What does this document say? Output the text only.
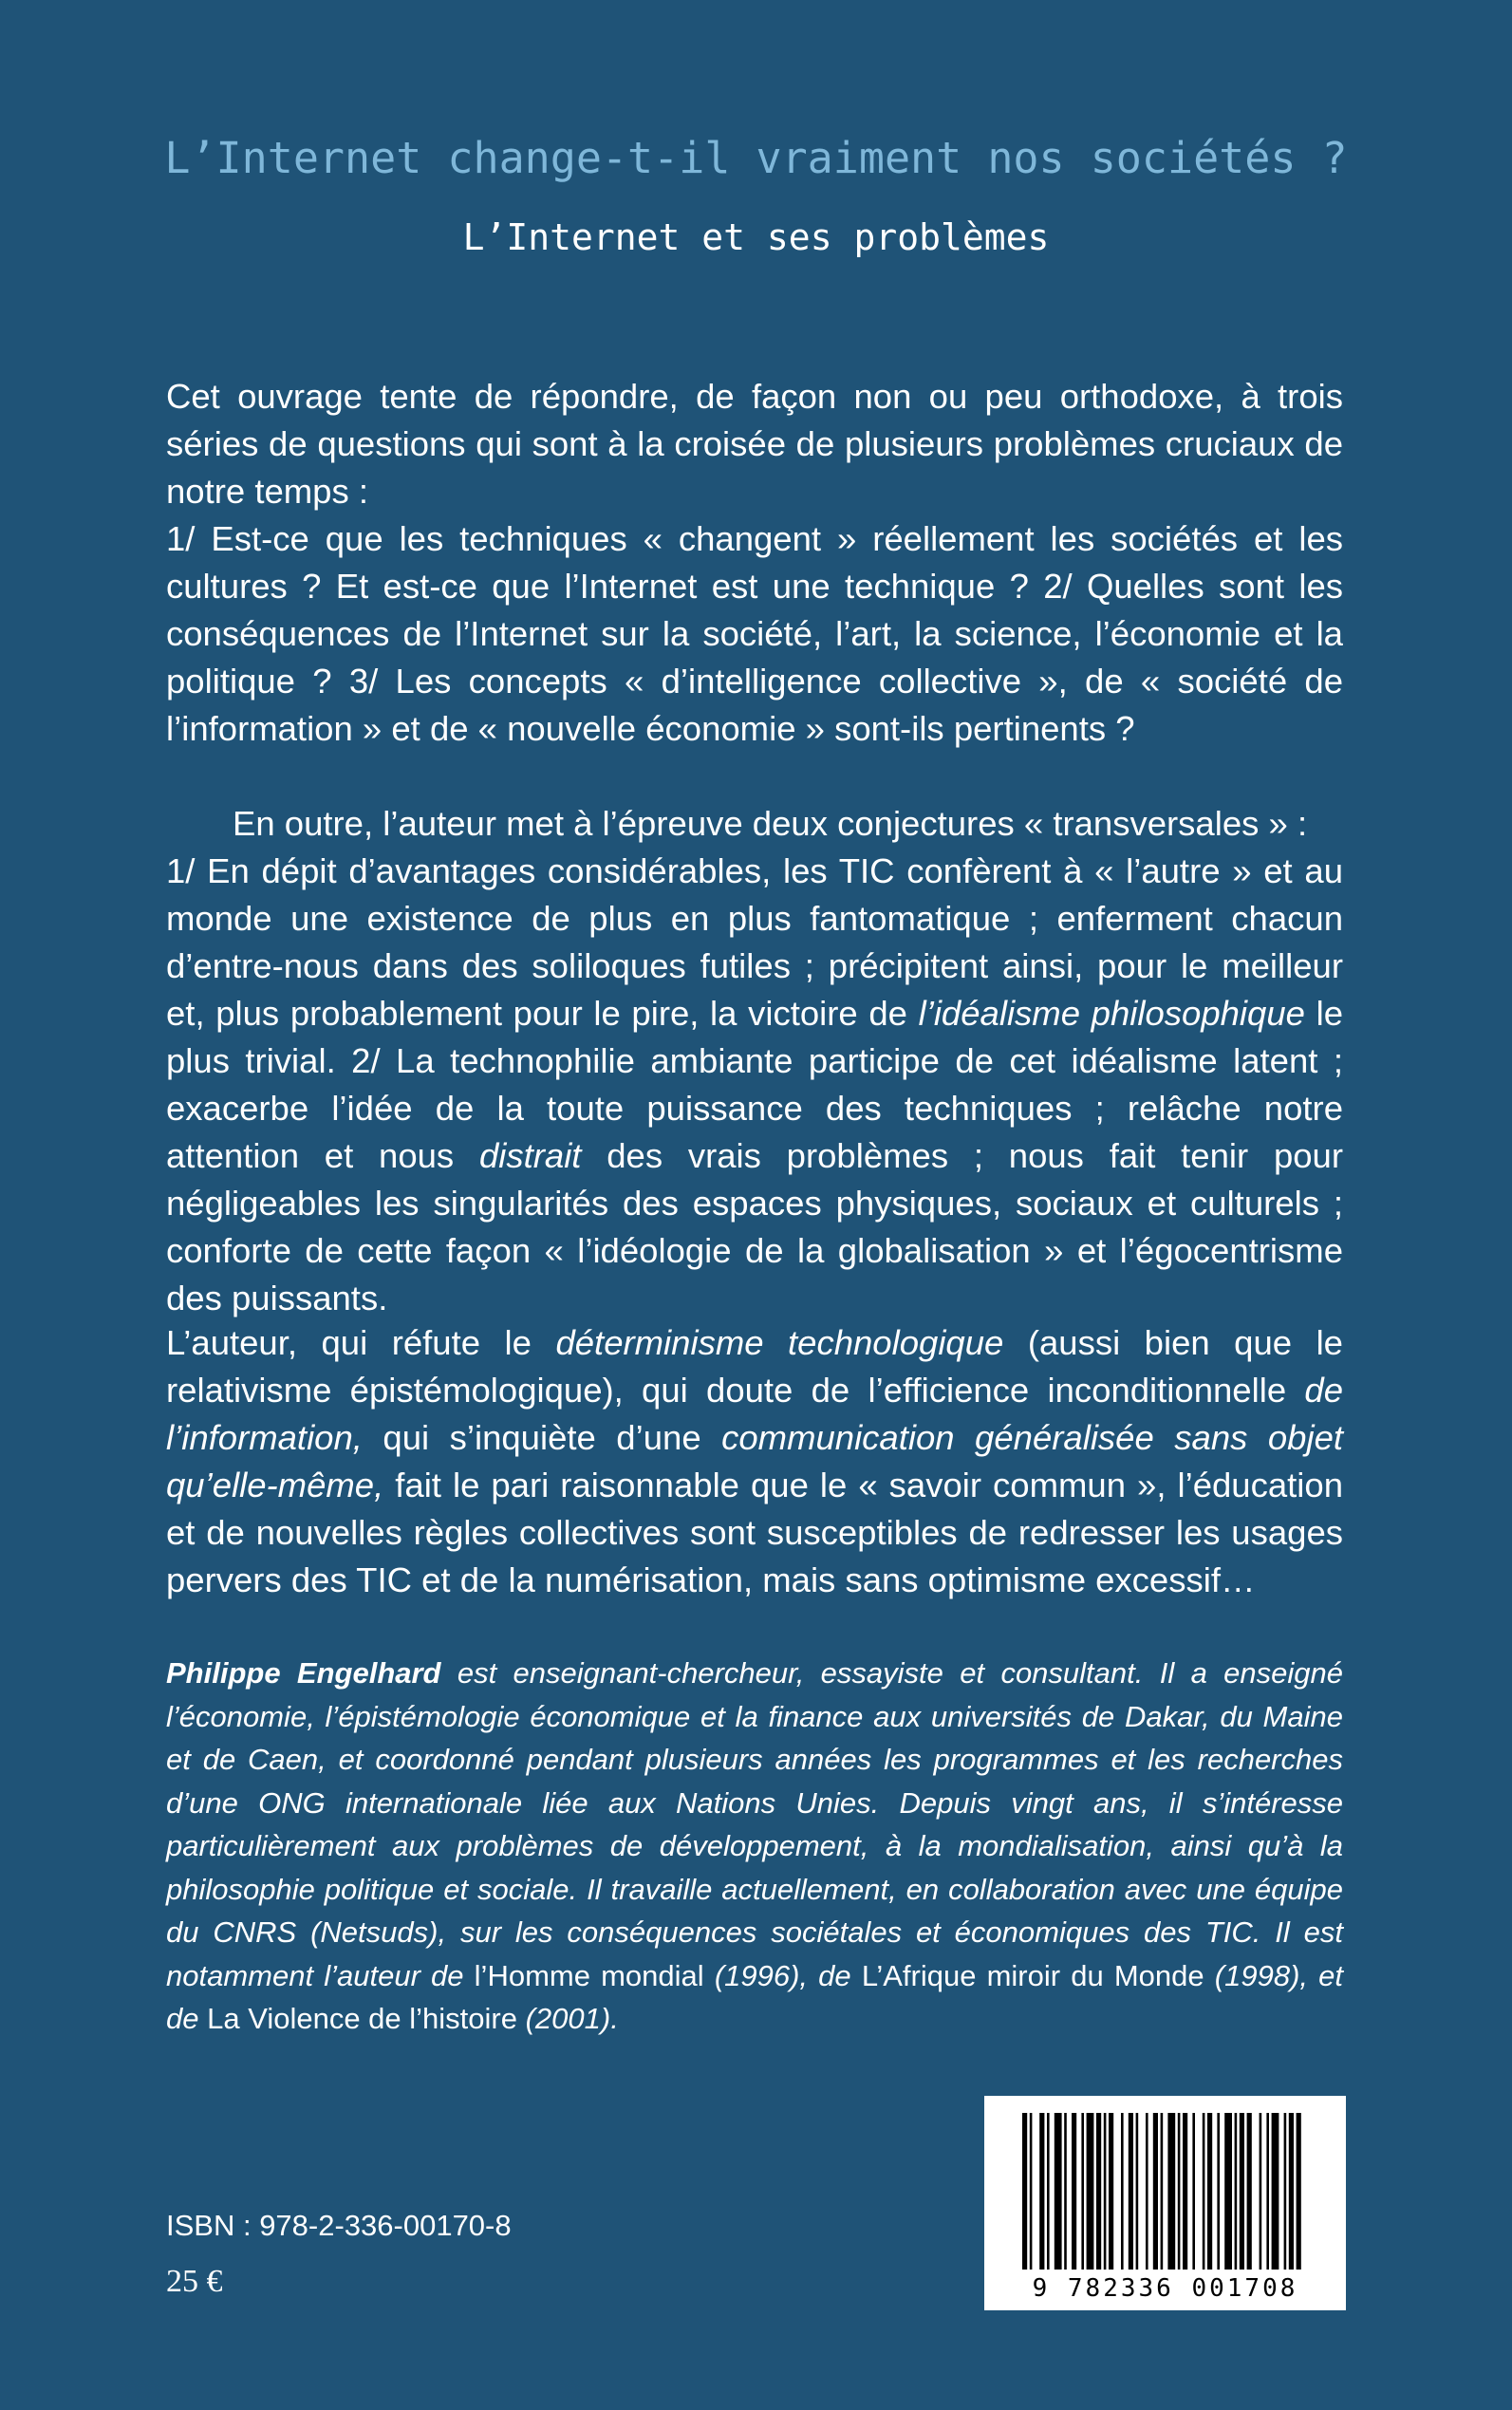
L’Internet change-t-il vraiment nos sociétés ?
L’Internet et ses problèmes

Cet ouvrage tente de répondre, de façon non ou peu orthodoxe, à trois séries de questions qui sont à la croisée de plusieurs problèmes cruciaux de notre temps :

1/ Est-ce que les techniques « changent » réellement les sociétés et les cultures ? Et est-ce que l’Internet est une technique ? 2/ Quelles sont les conséquences de l’Internet sur la société, l’art, la science, l’économie et la politique ? 3/ Les concepts « d’intelligence collective », de « société de l’information » et de « nouvelle économie » sont-ils pertinents ?

En outre, l’auteur met à l’épreuve deux conjectures « transversales » :

1/ En dépit d’avantages considérables, les TIC confèrent à « l’autre » et au monde une existence de plus en plus fantomatique ; enferment chacun d’entre-nous dans des soliloques futiles ; précipitent ainsi, pour le meilleur et, plus probablement pour le pire, la victoire de l’idéalisme philosophique le plus trivial. 2/ La technophilie ambiante participe de cet idéalisme latent ; exacerbe l’idée de la toute puissance des techniques ; relâche notre attention et nous distrait des vrais problèmes ; nous fait tenir pour négligeables les singularités des espaces physiques, sociaux et culturels ; conforte de cette façon « l’idéologie de la globalisation » et l’égocentrisme des puissants.

L’auteur, qui réfute le déterminisme technologique (aussi bien que le relativisme épistémologique), qui doute de l’efficience inconditionnelle de l’information, qui s’inquiète d’une communication généralisée sans objet qu’elle-même, fait le pari raisonnable que le « savoir commun », l’éducation et de nouvelles règles collectives sont susceptibles de redresser les usages pervers des TIC et de la numérisation, mais sans optimisme excessif…

Philippe Engelhard est enseignant-chercheur, essayiste et consultant. Il a enseigné l’économie, l’épistémologie économique et la finance aux universités de Dakar, du Maine et de Caen, et coordonné pendant plusieurs années les programmes et les recherches d’une ONG internationale liée aux Nations Unies. Depuis vingt ans, il s’intéresse particulièrement aux problèmes de développement, à la mondialisation, ainsi qu’à la philosophie politique et sociale. Il travaille actuellement, en collaboration avec une équipe du CNRS (Netsuds), sur les conséquences sociétales et économiques des TIC. Il est notamment l’auteur de l’Homme mondial (1996), de L’Afrique miroir du Monde (1998), et de La Violence de l’histoire (2001).
ISBN : 978-2-336-00170-8
25 €	9 782336 001708
